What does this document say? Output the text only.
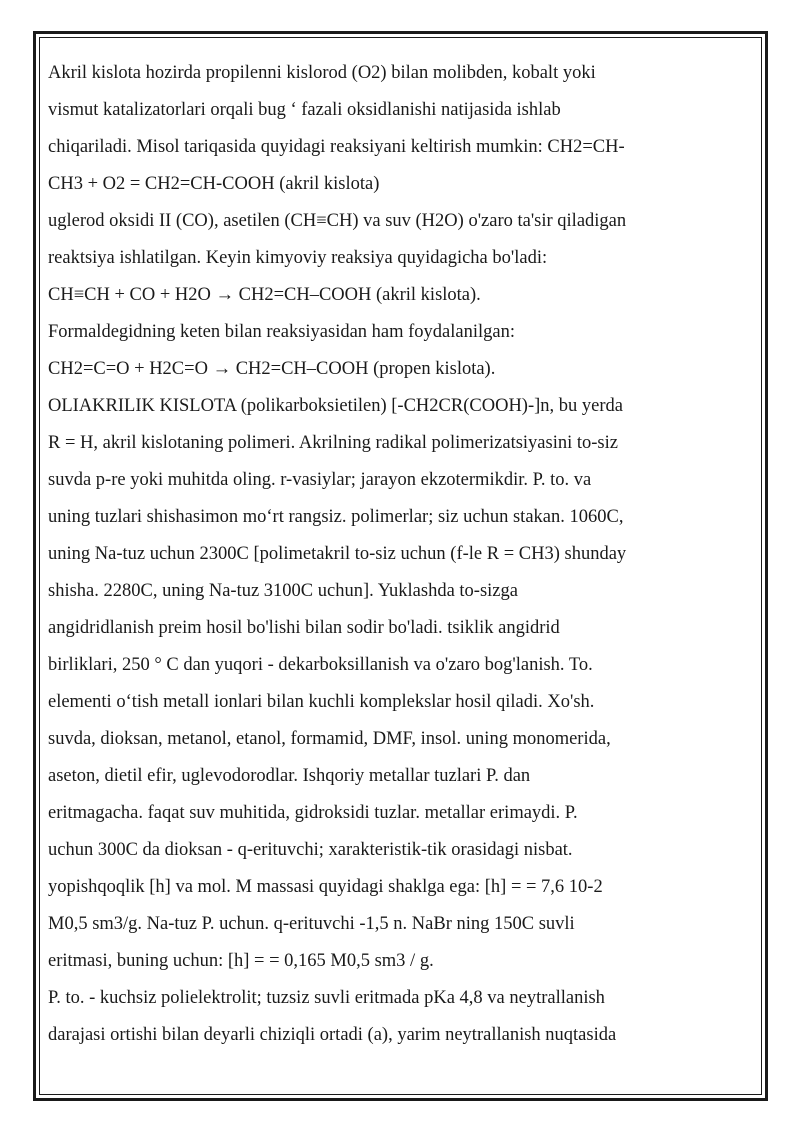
Akril kislota hozirda propilenni kislorod (O2) bilan molibden, kobalt yoki
vismut katalizatorlari orqali bug ‘ fazali oksidlanishi natijasida ishlab
chiqariladi. Misol tariqasida quyidagi reaksiyani keltirish mumkin: CH2=CH-
CH3 + O2 = CH2=CH-COOH (akril kislota)
uglerod oksidi II (CO), asetilen (CH≡CH) va suv (H2O) o'zaro ta'sir qiladigan
reaktsiya ishlatilgan. Keyin kimyoviy reaksiya quyidagicha bo'ladi:
CH≡CH + CO + H2O → CH2=CH–COOH (akril kislota).
Formaldegidning keten bilan reaksiyasidan ham foydalanilgan:
CH2=C=O + H2C=O → CH2=CH–COOH (propen kislota).
OLIAKRILIK KISLOTA (polikarboksietilen) [-CH2CR(COOH)-]n, bu yerda
R = H, akril kislotaning polimeri. Akrilning radikal polimerizatsiyasini to-siz
suvda p-re yoki muhitda oling. r-vasiylar; jarayon ekzotermikdir. P. to. va
uning tuzlari shishasimon mo‘rt rangsiz. polimerlar; siz uchun stakan. 1060C,
uning Na-tuz uchun 2300C [polimetakril to-siz uchun (f-le R = CH3) shunday
shisha. 2280C, uning Na-tuz 3100C uchun]. Yuklashda to-sizga
angidridlanish preim hosil bo'lishi bilan sodir bo'ladi. tsiklik angidrid
birliklari, 250 ° C dan yuqori - dekarboksillanish va o'zaro bog'lanish. To.
elementi o‘tish metall ionlari bilan kuchli komplekslar hosil qiladi. Xo'sh.
suvda, dioksan, metanol, etanol, formamid, DMF, insol. uning monomerida,
aseton, dietil efir, uglevodorodlar. Ishqoriy metallar tuzlari P. dan
eritmagacha. faqat suv muhitida, gidroksidi tuzlar. metallar erimaydi. P.
uchun 300C da dioksan - q-erituvchi; xarakteristik-tik orasidagi nisbat.
yopishqoqlik [h] va mol. M massasi quyidagi shaklga ega: [h] = = 7,6 10-2
M0,5 sm3/g. Na-tuz P. uchun. q-erituvchi -1,5 n. NaBr ning 150C suvli
eritmasi, buning uchun: [h] = = 0,165 M0,5 sm3 / g.
P. to. - kuchsiz polielektrolit; tuzsiz suvli eritmada pKa 4,8 va neytrallanish
darajasi ortishi bilan deyarli chiziqli ortadi (a), yarim neytrallanish nuqtasida
